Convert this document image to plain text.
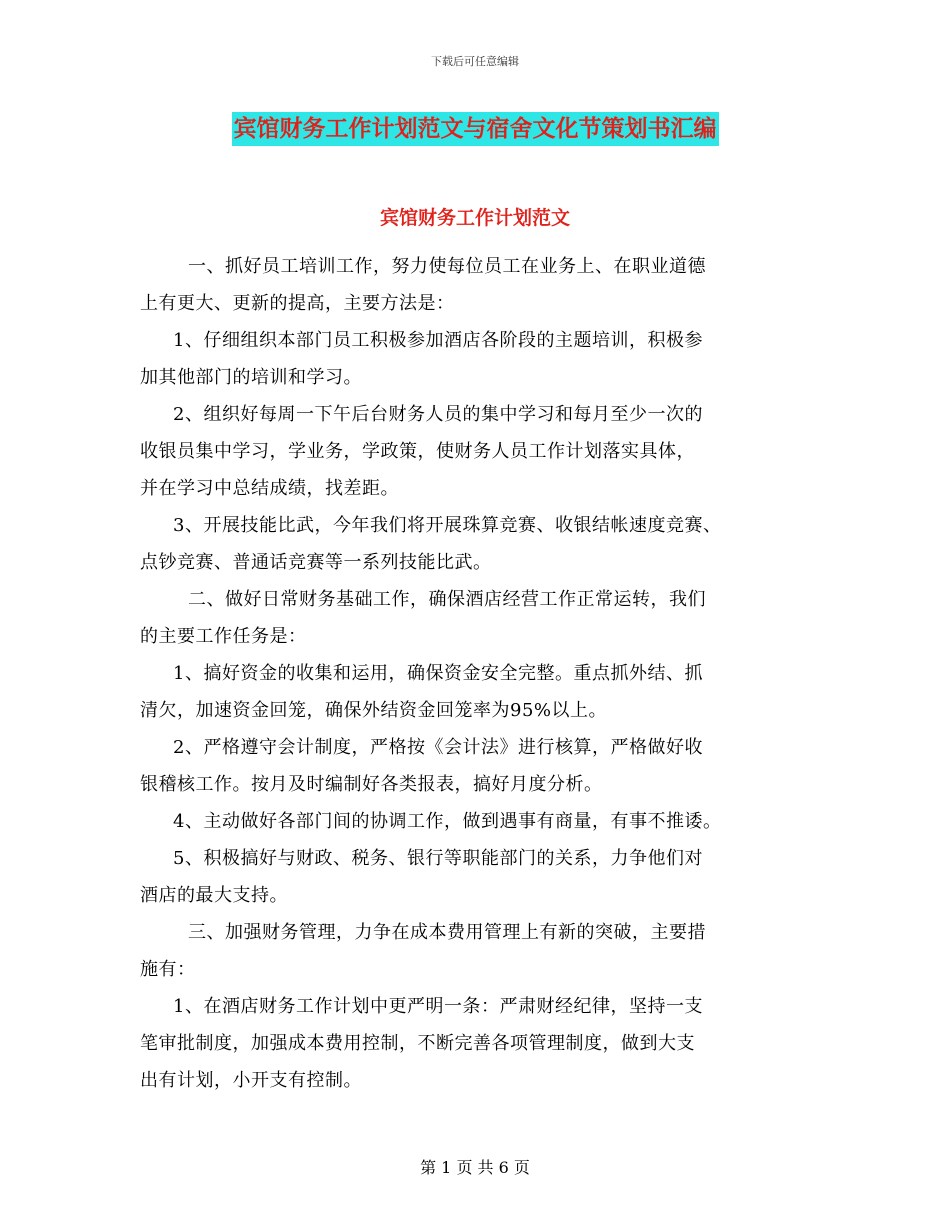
下载后可任意编辑
宾馆财务工作计划范文与宿舍文化节策划书汇编
宾馆财务工作计划范文

一、抓好员工培训工作，努力使每位员工在业务上、在职业道德
上有更大、更新的提高，主要方法是：

1、仔细组织本部门员工积极参加酒店各阶段的主题培训，积极参
加其他部门的培训和学习。

2、组织好每周一下午后台财务人员的集中学习和每月至少一次的
收银员集中学习，学业务，学政策，使财务人员工作计划落实具体，
并在学习中总结成绩，找差距。

3、开展技能比武，今年我们将开展珠算竞赛、收银结帐速度竞赛、
点钞竞赛、普通话竞赛等一系列技能比武。

二、做好日常财务基础工作，确保酒店经营工作正常运转，我们
的主要工作任务是：

1、搞好资金的收集和运用，确保资金安全完整。重点抓外结、抓
清欠，加速资金回笼，确保外结资金回笼率为95%以上。

2、严格遵守会计制度，严格按《会计法》进行核算，严格做好收
银稽核工作。按月及时编制好各类报表，搞好月度分析。

4、主动做好各部门间的协调工作，做到遇事有商量，有事不推诿。

5、积极搞好与财政、税务、银行等职能部门的关系，力争他们对
酒店的最大支持。

三、加强财务管理，力争在成本费用管理上有新的突破，主要措
施有：

1、在酒店财务工作计划中更严明一条：严肃财经纪律，坚持一支
笔审批制度，加强成本费用控制，不断完善各项管理制度，做到大支
出有计划，小开支有控制。

第 1 页 共 6 页
